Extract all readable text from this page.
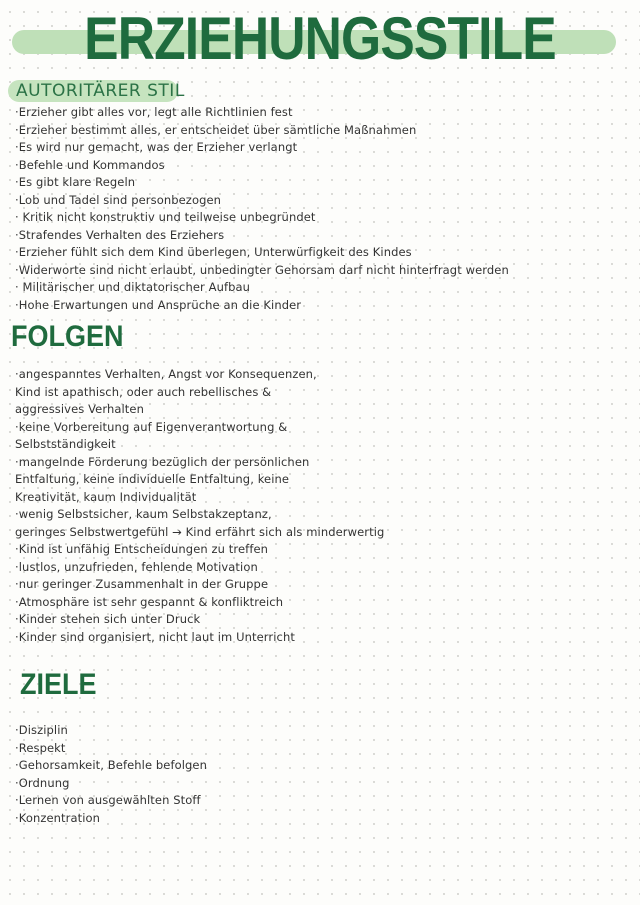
ERZIEHUNGSSTILE
AUTORITÄRER STIL
·Erzieher gibt alles vor, legt alle Richtlinien fest
·Erzieher bestimmt alles, er entscheidet über sämtliche Maßnahmen
·Es wird nur gemacht, was der Erzieher verlangt
·Befehle und Kommandos
·Es gibt klare Regeln
·Lob und Tadel sind personbezogen
· Kritik nicht konstruktiv und teilweise unbegründet
·Strafendes Verhalten des Erziehers
·Erzieher fühlt sich dem Kind überlegen, Unterwürfigkeit des Kindes
·Widerworte sind nicht erlaubt, unbedingter Gehorsam darf nicht hinterfragt werden
· Militärischer und diktatorischer Aufbau
·Hohe Erwartungen und Ansprüche an die Kinder
FOLGEN
·angespanntes Verhalten, Angst vor Konsequenzen,
Kind ist apathisch, oder auch rebellisches &
aggressives Verhalten
·keine Vorbereitung auf Eigenverantwortung &
Selbstständigkeit
·mangelnde Förderung bezüglich der persönlichen
Entfaltung, keine individuelle Entfaltung, keine
Kreativität, kaum Individualität
·wenig Selbstsicher, kaum Selbstakzeptanz,
geringes Selbstwertgefühl → Kind erfährt sich als minderwertig
·Kind ist unfähig Entscheidungen zu treffen
·lustlos, unzufrieden, fehlende Motivation
·nur geringer Zusammenhalt in der Gruppe
·Atmosphäre ist sehr gespannt & konfliktreich
·Kinder stehen sich unter Druck
·Kinder sind organisiert, nicht laut im Unterricht
ZIELE
·Disziplin
·Respekt
·Gehorsamkeit, Befehle befolgen
·Ordnung
·Lernen von ausgewählten Stoff
·Konzentration
